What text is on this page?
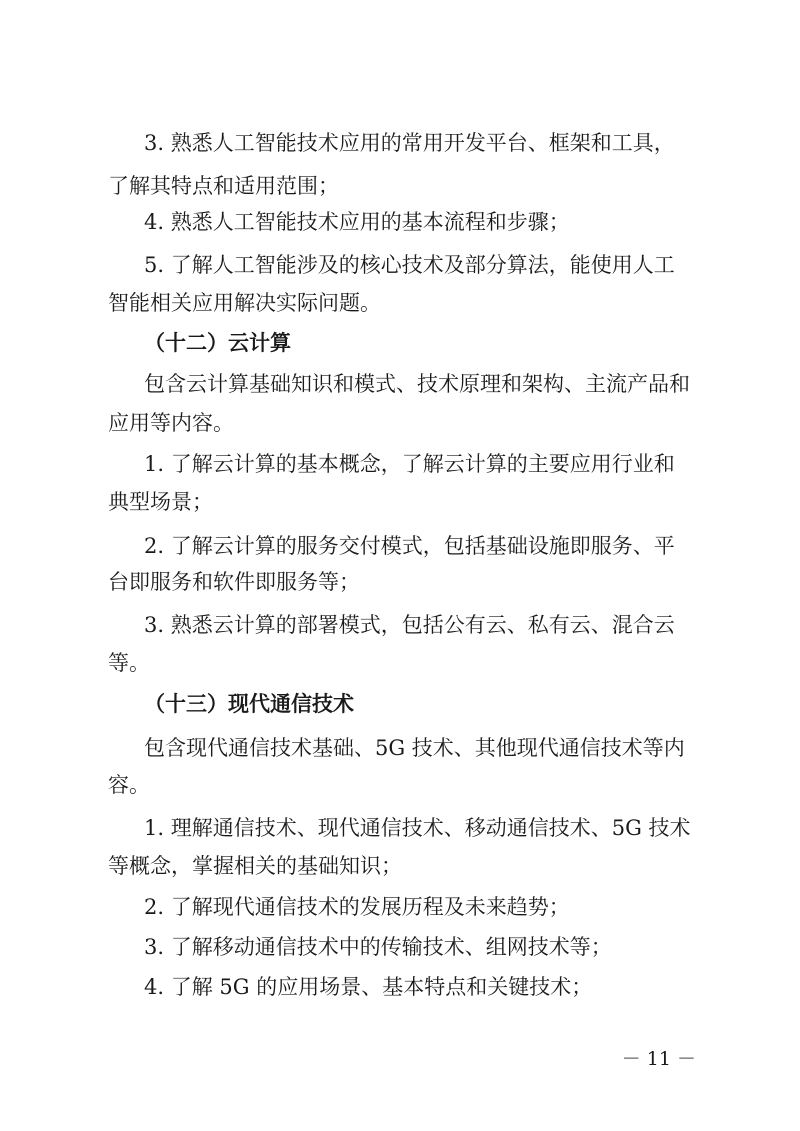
3. 熟悉人工智能技术应用的常用开发平台、框架和工具，
了解其特点和适用范围；
4. 熟悉人工智能技术应用的基本流程和步骤；
5. 了解人工智能涉及的核心技术及部分算法，能使用人工
智能相关应用解决实际问题。
（十二）云计算
包含云计算基础知识和模式、技术原理和架构、主流产品和
应用等内容。
1. 了解云计算的基本概念，了解云计算的主要应用行业和
典型场景；
2. 了解云计算的服务交付模式，包括基础设施即服务、平
台即服务和软件即服务等；
3. 熟悉云计算的部署模式，包括公有云、私有云、混合云
等。
（十三）现代通信技术
包含现代通信技术基础、5G 技术、其他现代通信技术等内
容。
1. 理解通信技术、现代通信技术、移动通信技术、5G 技术
等概念，掌握相关的基础知识；
2. 了解现代通信技术的发展历程及未来趋势；
3. 了解移动通信技术中的传输技术、组网技术等；
4. 了解 5G 的应用场景、基本特点和关键技术；
－ 11 －
